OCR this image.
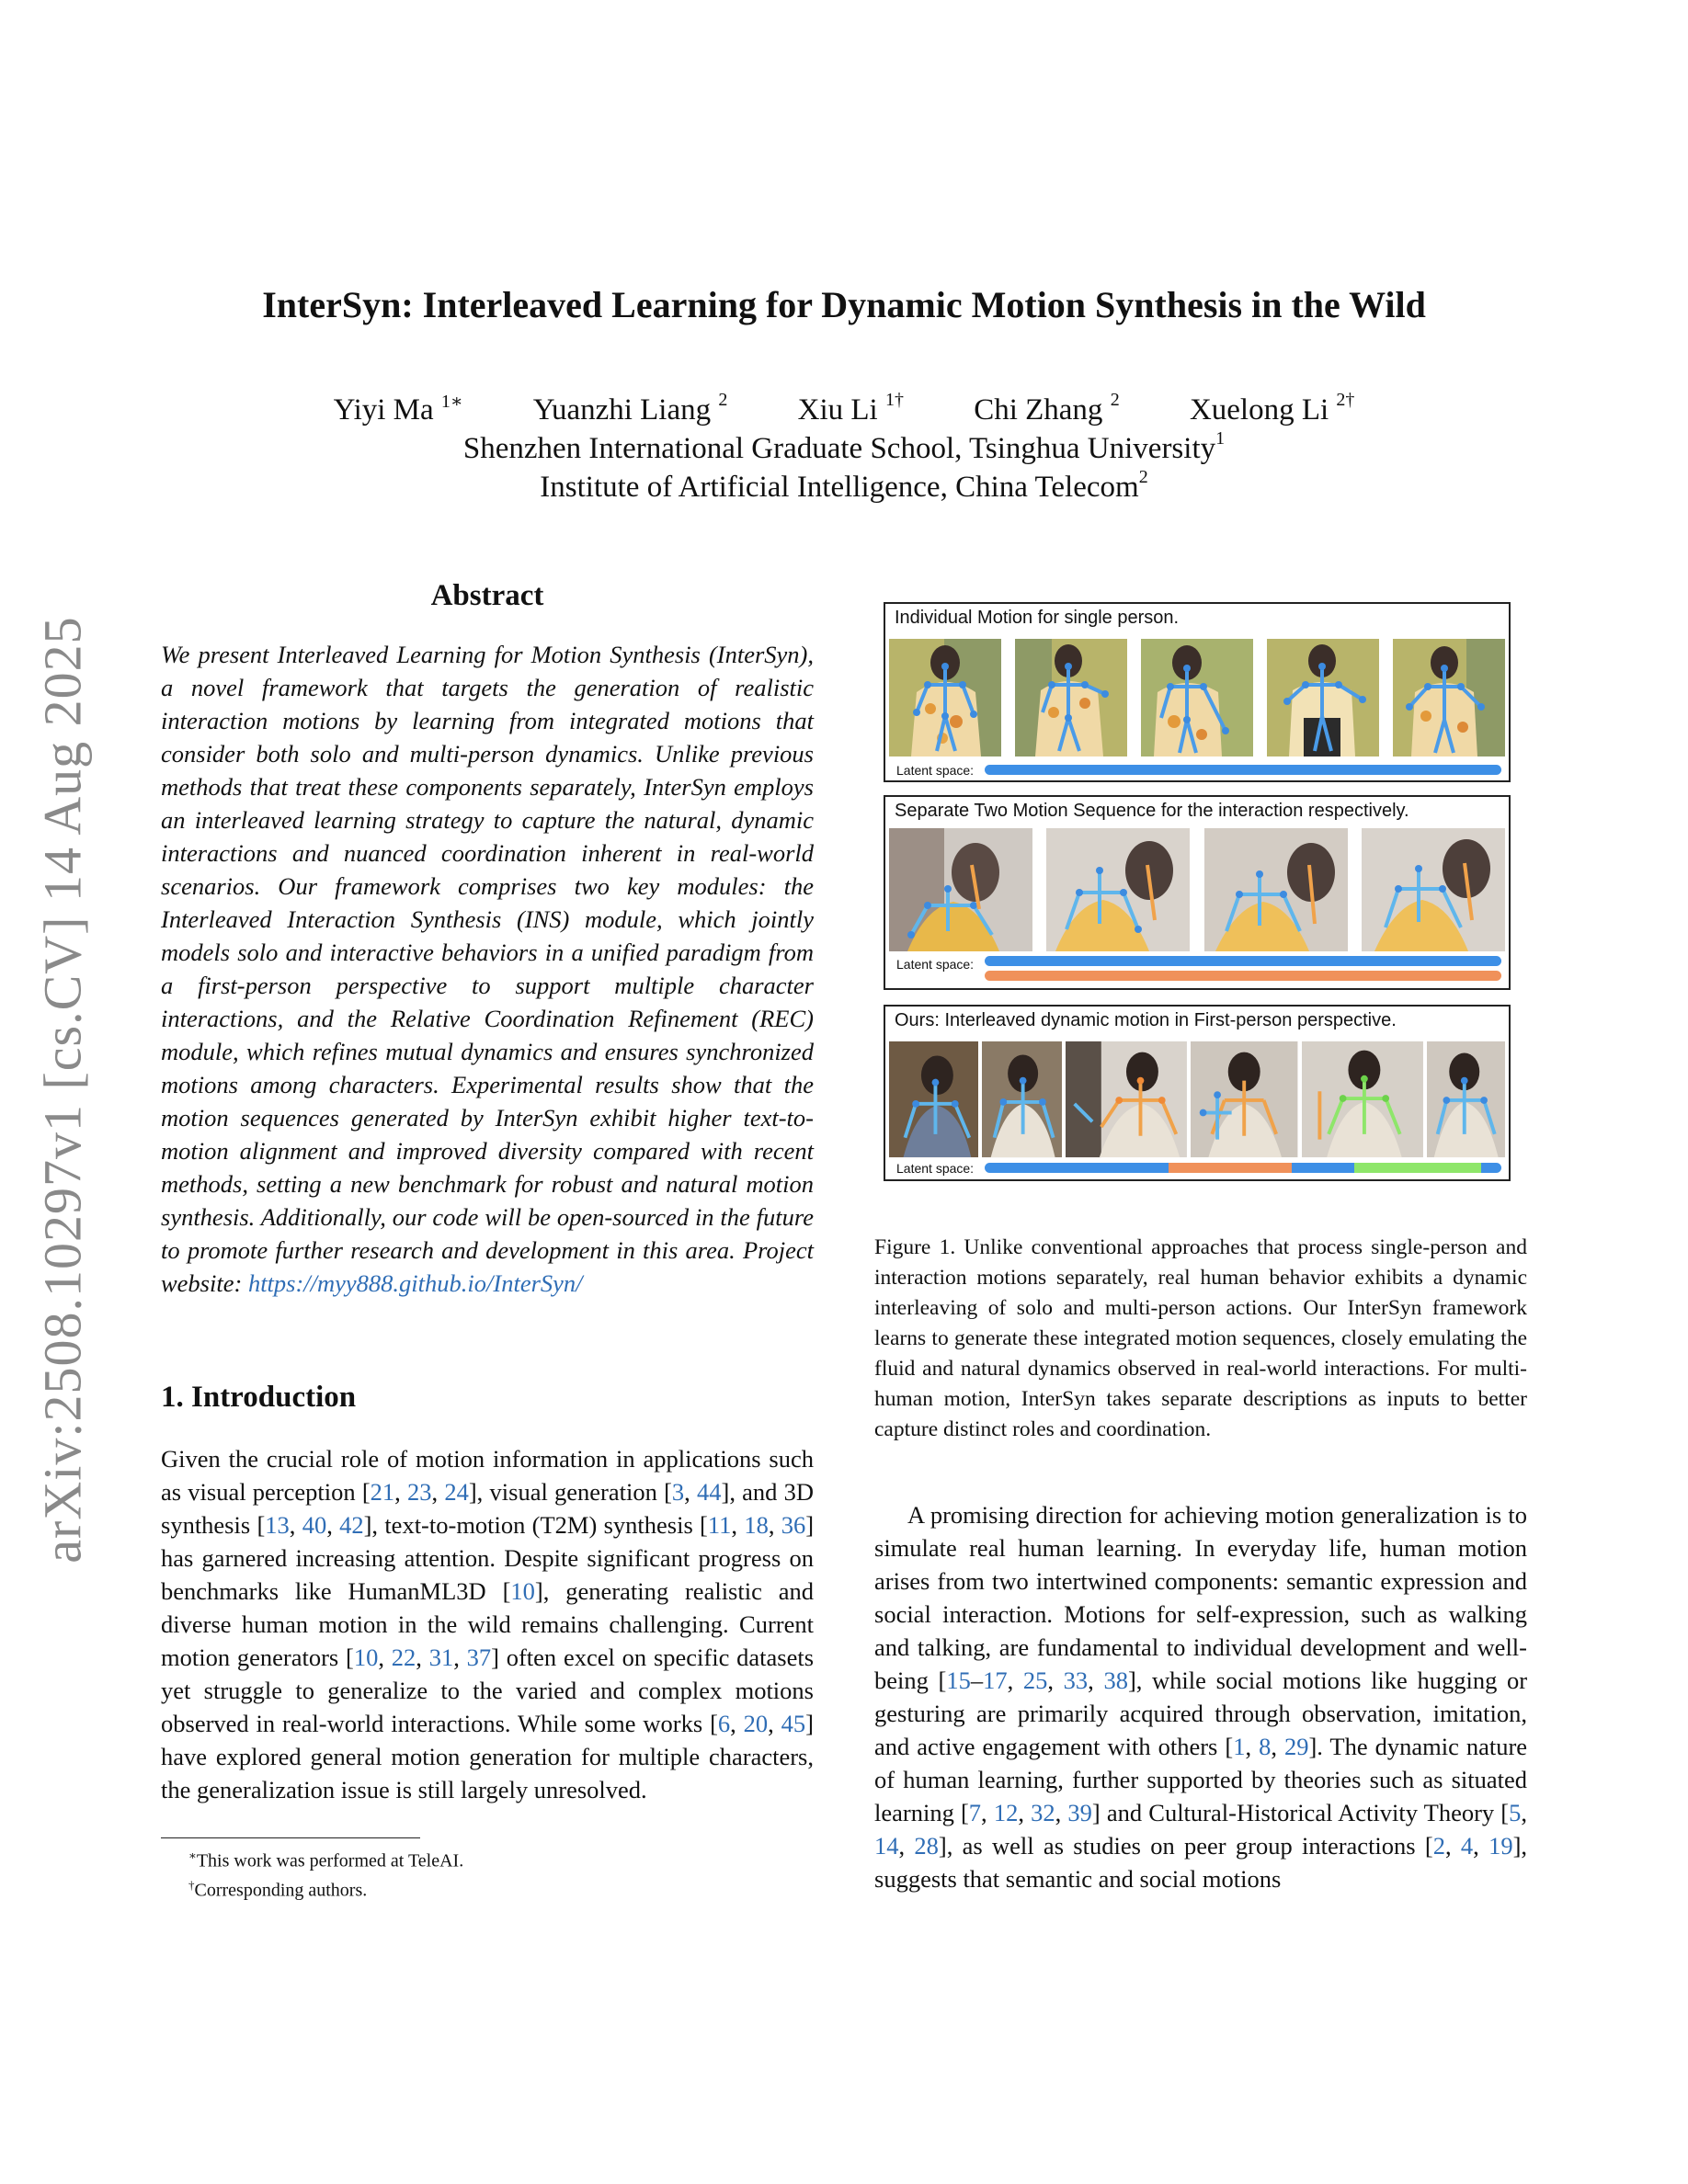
arXiv:2508.10297v1 [cs.CV] 14 Aug 2025
InterSyn: Interleaved Learning for Dynamic Motion Synthesis in the Wild
Yiyi Ma $^{1∗}$ Yuanzhi Liang $^2$ Xiu Li $^{1\dagger}$ Chi Zhang $^2$ Xuelong Li $^{2\dagger}$
Shenzhen International Graduate School, Tsinghua University$^1$
Institute of Artificial Intelligence, China Telecom$^2$
Abstract

We present Interleaved Learning for Motion Synthesis (InterSyn), a novel framework that targets the generation of realistic interaction motions by learning from integrated motions that consider both solo and multi-person dynamics. Unlike previous methods that treat these components separately, InterSyn employs an interleaved learning strategy to capture the natural, dynamic interactions and nuanced coordination inherent in real-world scenarios. Our framework comprises two key modules: the Interleaved Interaction Synthesis (INS) module, which jointly models solo and interactive behaviors in a unified paradigm from a first-person perspective to support multiple character interactions, and the Relative Coordination Refinement (REC) module, which refines mutual dynamics and ensures synchronized motions among characters. Experimental results show that the motion sequences generated by InterSyn exhibit higher text-to-motion alignment and improved diversity compared with recent methods, setting a new benchmark for robust and natural motion synthesis. Additionally, our code will be open-sourced in the future to promote further research and development in this area. Project website: https://myy888.github.io/InterSyn/

1. Introduction

Given the crucial role of motion information in applications such as visual perception [21, 23, 24], visual generation [3, 44], and 3D synthesis [13, 40, 42], text-to-motion (T2M) synthesis [11, 18, 36] has garnered increasing attention. Despite significant progress on benchmarks like HumanML3D [10], generating realistic and diverse human motion in the wild remains challenging. Current motion generators [10, 22, 31, 37] often excel on specific datasets yet struggle to generalize to the varied and complex motions observed in real-world interactions. While some works [6, 20, 45] have explored general motion generation for multiple characters, the generalization issue is still largely unresolved.

∗This work was performed at TeleAI.
†Corresponding authors.
Individual Motion for single person.
Latent space:
Separate Two Motion Sequence for the interaction respectively.
Latent space:
Ours: Interleaved dynamic motion in First-person perspective.
Latent space:
Figure 1. Unlike conventional approaches that process single-person and interaction motions separately, real human behavior exhibits a dynamic interleaving of solo and multi-person actions. Our InterSyn framework learns to generate these integrated motion sequences, closely emulating the fluid and natural dynamics observed in real-world interactions. For multi-human motion, InterSyn takes separate descriptions as inputs to better capture distinct roles and coordination.

A promising direction for achieving motion generalization is to simulate real human learning. In everyday life, human motion arises from two intertwined components: semantic expression and social interaction. Motions for self-expression, such as walking and talking, are fundamental to individual development and well-being [15–17, 25, 33, 38], while social motions like hugging or gesturing are primarily acquired through observation, imitation, and active engagement with others [1, 8, 29]. The dynamic nature of human learning, further supported by theories such as situated learning [7, 12, 32, 39] and Cultural-Historical Activity Theory [5, 14, 28], as well as studies on peer group interactions [2, 4, 19], suggests that semantic and social motions
